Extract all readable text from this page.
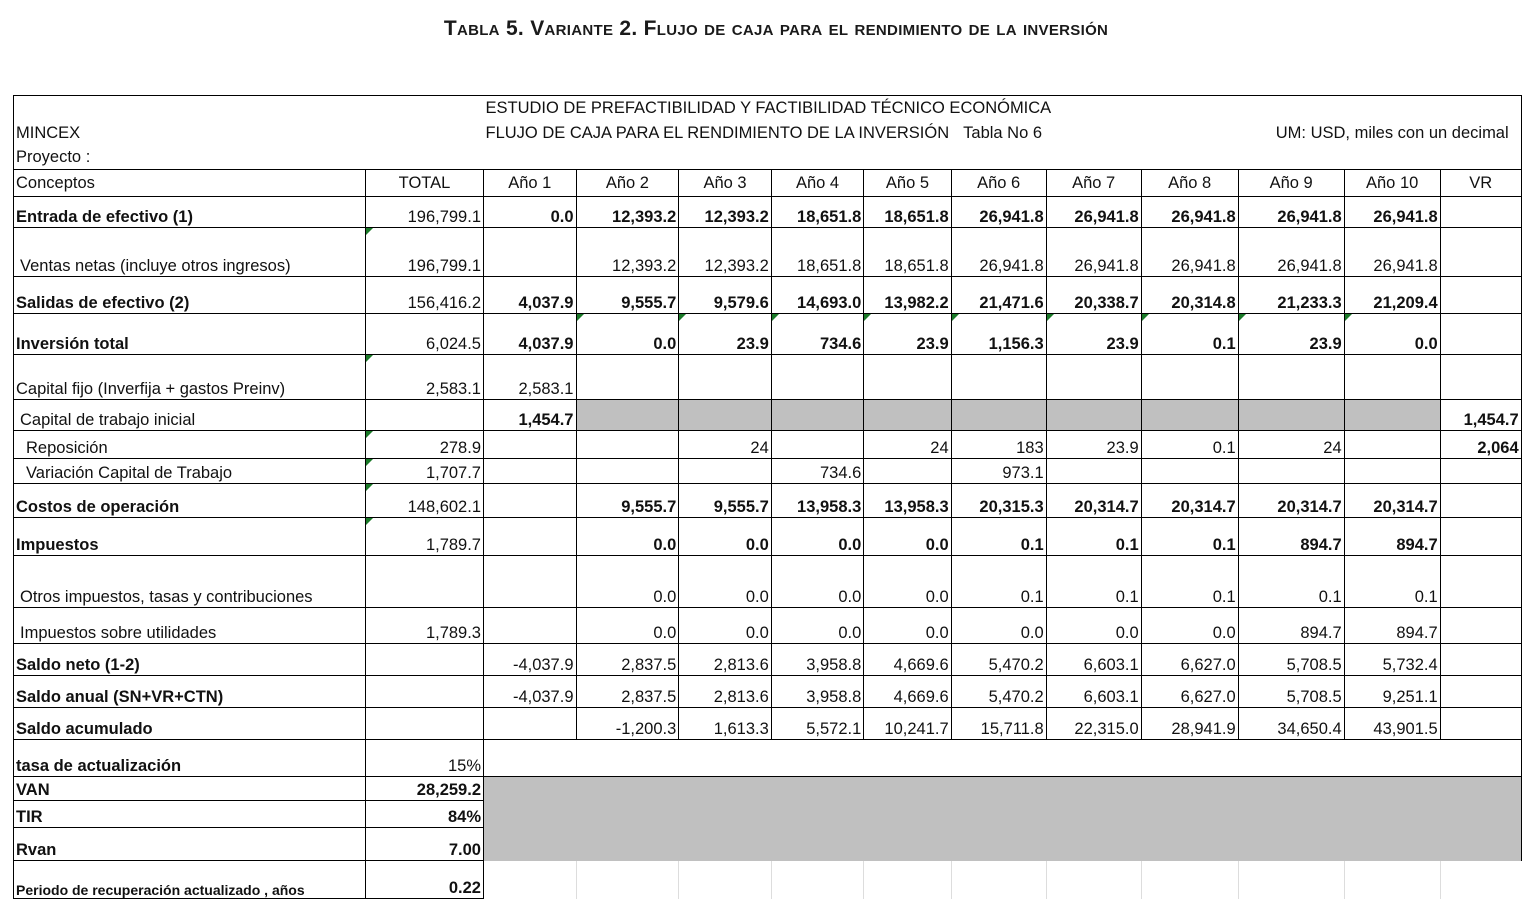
Tabla 5. Variante 2. Flujo de caja para el rendimiento de la inversión
		ESTUDIO DE PREFACTIBILIDAD Y FACTIBILIDAD TÉCNICO ECONÓMICA										
MINCEX		FLUJO DE CAJA PARA EL RENDIMIENTO DE LA INVERSIÓN					Tabla No 6		UM: USD, miles con un decimal			
Proyecto :												
Conceptos	TOTAL	Año 1	Año 2	Año 3	Año 4	Año 5	Año 6	Año 7	Año 8	Año 9	Año 10	VR
Entrada de efectivo (1)	196,799.1	0.0	12,393.2	12,393.2	18,651.8	18,651.8	26,941.8	26,941.8	26,941.8	26,941.8	26,941.8	
Ventas netas (incluye otros ingresos)	196,799.1		12,393.2	12,393.2	18,651.8	18,651.8	26,941.8	26,941.8	26,941.8	26,941.8	26,941.8	
Salidas de efectivo (2)	156,416.2	4,037.9	9,555.7	9,579.6	14,693.0	13,982.2	21,471.6	20,338.7	20,314.8	21,233.3	21,209.4	
Inversión total	6,024.5	4,037.9	0.0	23.9	734.6	23.9	1,156.3	23.9	0.1	23.9	0.0	
Capital fijo (Inverfija + gastos Preinv)	2,583.1	2,583.1										
Capital de trabajo inicial		1,454.7										1,454.7
Reposición	278.9			24		24	183	23.9	0.1	24		2,064
Variación Capital de Trabajo	1,707.7				734.6		973.1					
Costos de operación	148,602.1		9,555.7	9,555.7	13,958.3	13,958.3	20,315.3	20,314.7	20,314.7	20,314.7	20,314.7	
Impuestos	1,789.7		0.0	0.0	0.0	0.0	0.1	0.1	0.1	894.7	894.7	
Otros impuestos, tasas y contribuciones			0.0	0.0	0.0	0.0	0.1	0.1	0.1	0.1	0.1	
Impuestos sobre utilidades	1,789.3		0.0	0.0	0.0	0.0	0.0	0.0	0.0	894.7	894.7	
Saldo neto (1-2)		-4,037.9	2,837.5	2,813.6	3,958.8	4,669.6	5,470.2	6,603.1	6,627.0	5,708.5	5,732.4	
Saldo anual (SN+VR+CTN)		-4,037.9	2,837.5	2,813.6	3,958.8	4,669.6	5,470.2	6,603.1	6,627.0	5,708.5	9,251.1	
Saldo acumulado			-1,200.3	1,613.3	5,572.1	10,241.7	15,711.8	22,315.0	28,941.9	34,650.4	43,901.5	
tasa de actualización	15%											
VAN	28,259.2											
TIR	84%											
Rvan	7.00											
Periodo de recuperación actualizado , años	0.22											
